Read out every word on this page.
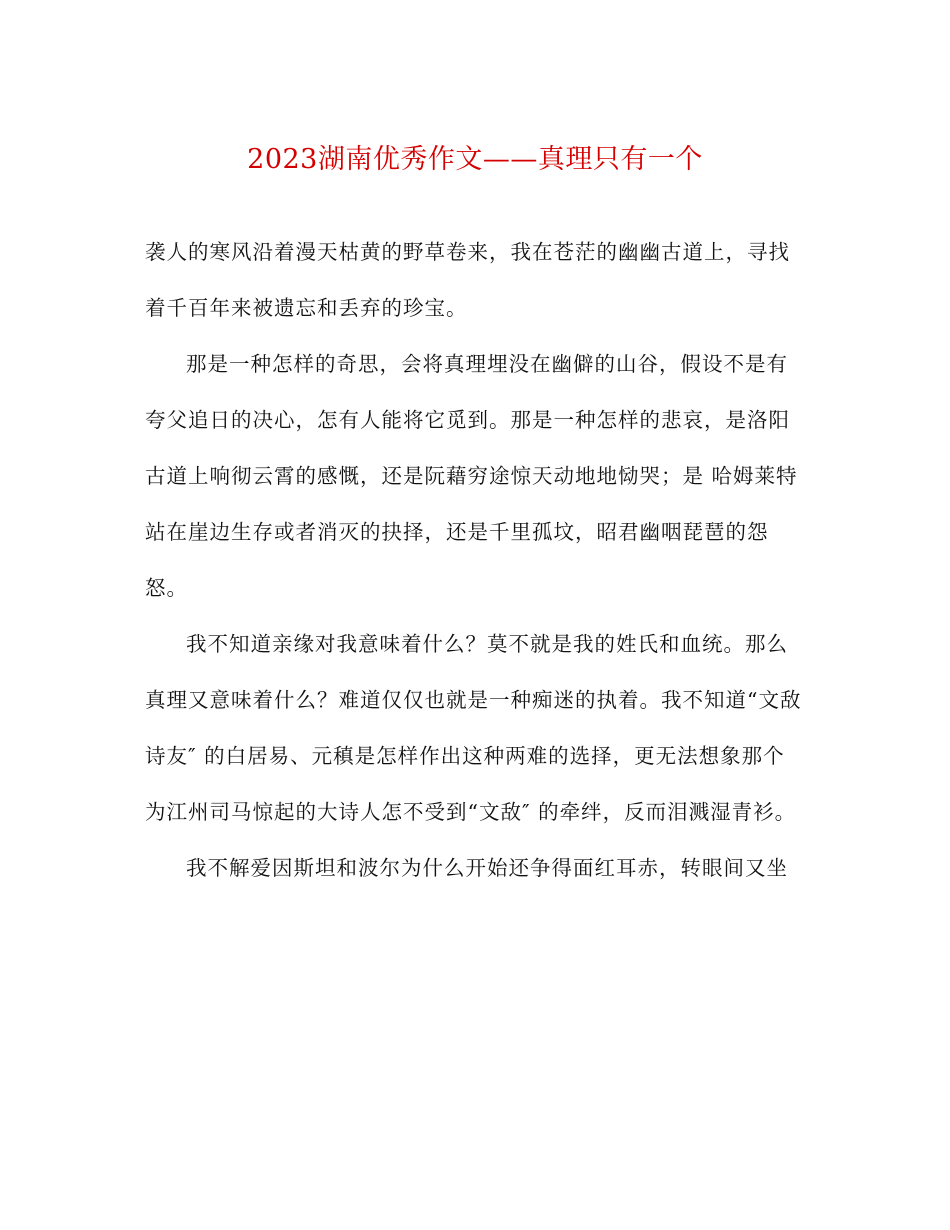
2023湖南优秀作文——真理只有一个
袭人的寒风沿着漫天枯黄的野草卷来，我在苍茫的幽幽古道上，寻找
着千百年来被遗忘和丢弃的珍宝。
那是一种怎样的奇思，会将真理埋没在幽僻的山谷，假设不是有
夸父追日的决心，怎有人能将它觅到。那是一种怎样的悲哀，是洛阳
古道上响彻云霄的感慨，还是阮藉穷途惊天动地地恸哭；是 哈姆莱特
站在崖边生存或者消灭的抉择，还是千里孤坟，昭君幽咽琵琶的怨
怒。
我不知道亲缘对我意味着什么？莫不就是我的姓氏和血统。那么
真理又意味着什么？难道仅仅也就是一种痴迷的执着。我不知道“文敌
诗友″ 的白居易、元稹是怎样作出这种两难的选择，更无法想象那个
为江州司马惊起的大诗人怎不受到“文敌″ 的牵绊，反而泪溅湿青衫。
我不解爱因斯坦和波尔为什么开始还争得面红耳赤，转眼间又坐
